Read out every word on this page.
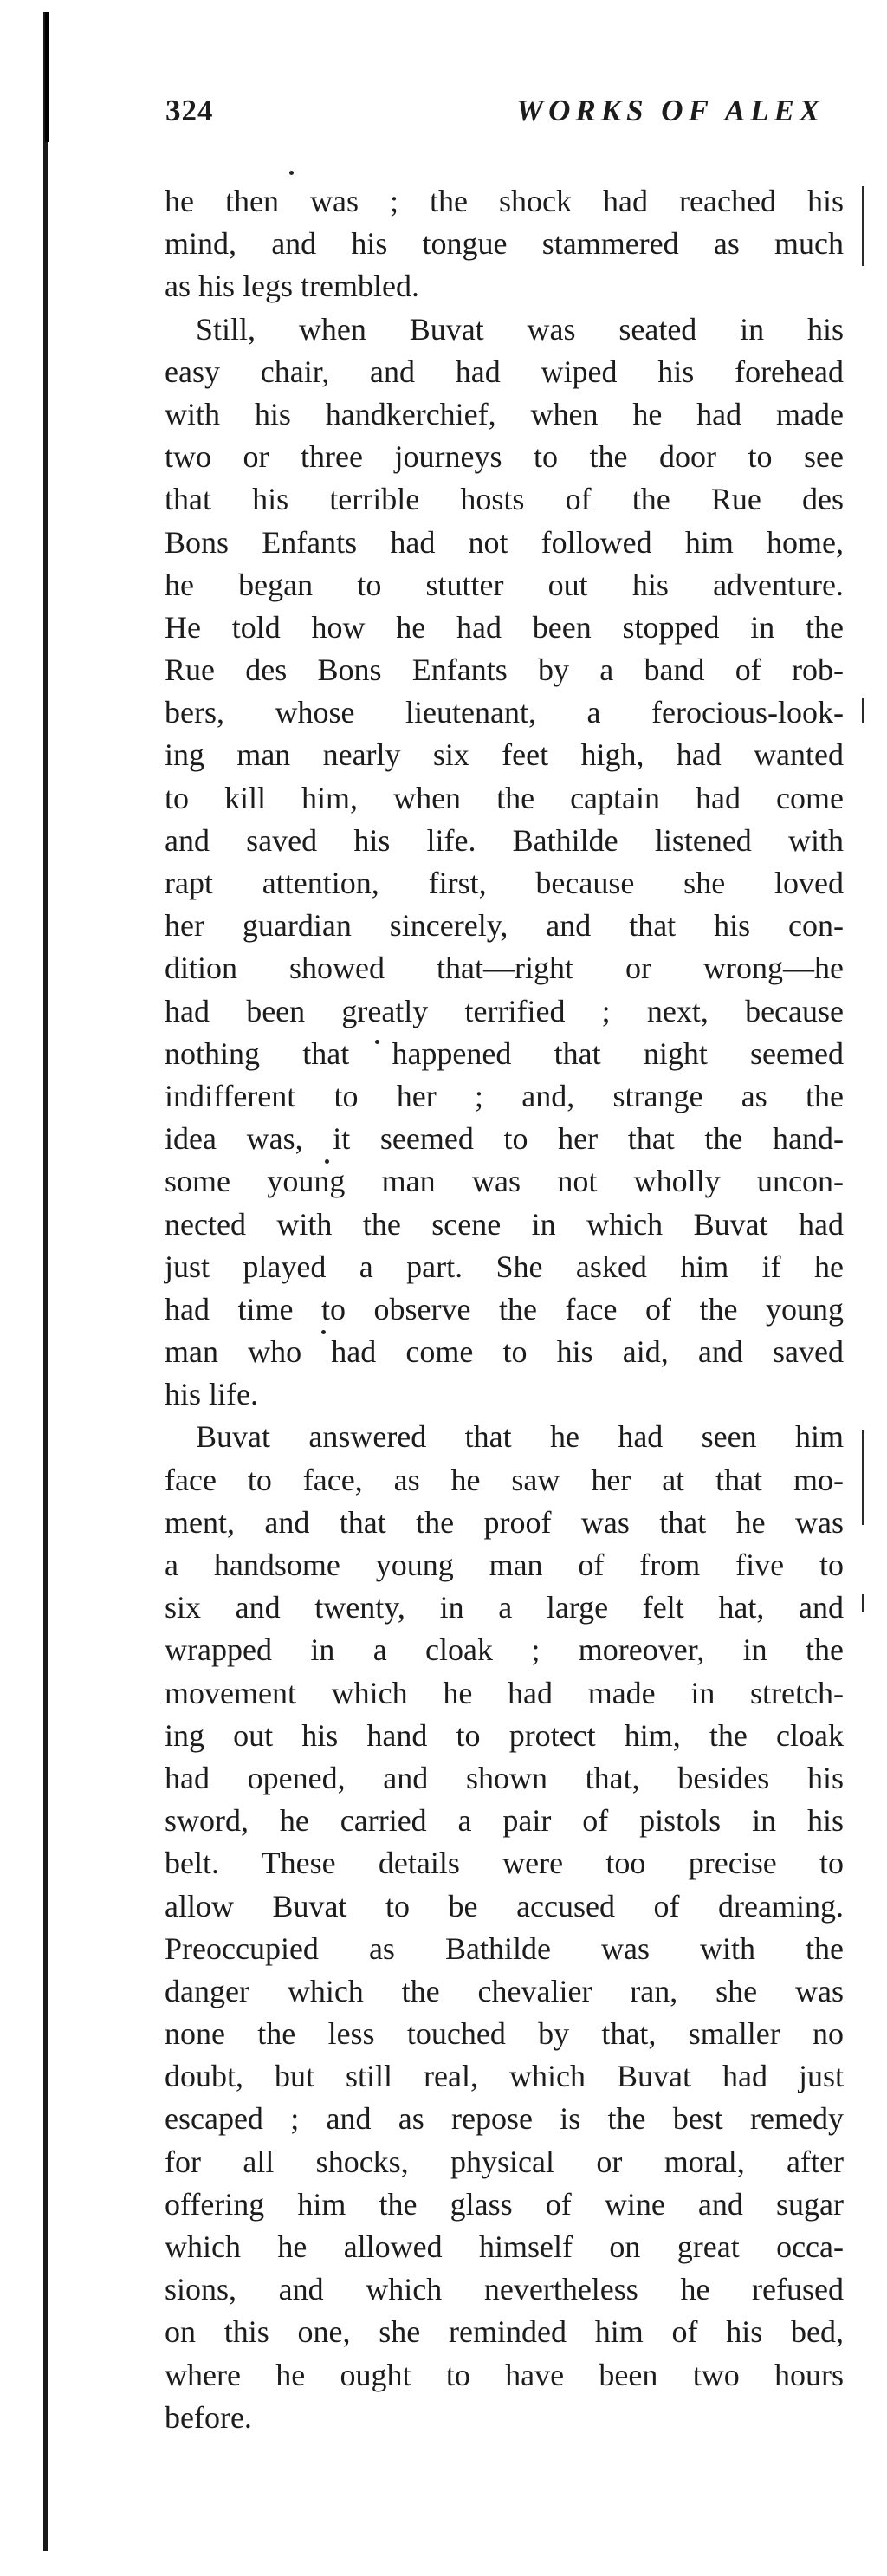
324	WORKS OF ALEX
he then was ; the shock had reached his
mind, and his tongue stammered as much
as his legs trembled.
Still, when Buvat was seated in his
easy chair, and had wiped his forehead
with his handkerchief, when he had made
two or three journeys to the door to see
that his terrible hosts of the Rue des
Bons Enfants had not followed him home,
he began to stutter out his adventure.
He told how he had been stopped in the
Rue des Bons Enfants by a band of rob-
bers, whose lieutenant, a ferocious-look-
ing man nearly six feet high, had wanted
to kill him, when the captain had come
and saved his life. Bathilde listened with
rapt attention, first, because she loved
her guardian sincerely, and that his con-
dition showed that—right or wrong—he
had been greatly terrified ; next, because
nothing that happened that night seemed
indifferent to her ; and, strange as the
idea was, it seemed to her that the hand-
some young man was not wholly uncon-
nected with the scene in which Buvat had
just played a part. She asked him if he
had time to observe the face of the young
man who had come to his aid, and saved
his life.
Buvat answered that he had seen him
face to face, as he saw her at that mo-
ment, and that the proof was that he was
a handsome young man of from five to
six and twenty, in a large felt hat, and
wrapped in a cloak ; moreover, in the
movement which he had made in stretch-
ing out his hand to protect him, the cloak
had opened, and shown that, besides his
sword, he carried a pair of pistols in his
belt. These details were too precise to
allow Buvat to be accused of dreaming.
Preoccupied as Bathilde was with the
danger which the chevalier ran, she was
none the less touched by that, smaller no
doubt, but still real, which Buvat had just
escaped ; and as repose is the best remedy
for all shocks, physical or moral, after
offering him the glass of wine and sugar
which he allowed himself on great occa-
sions, and which nevertheless he refused
on this one, she reminded him of his bed,
where he ought to have been two hours
before.
